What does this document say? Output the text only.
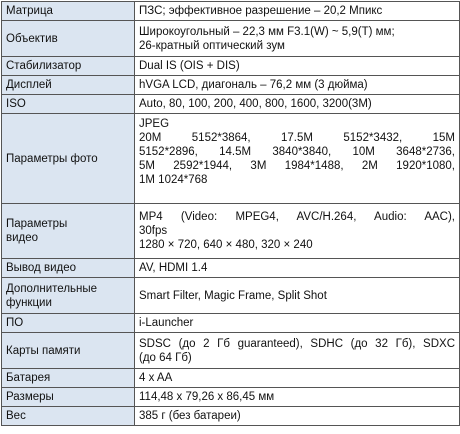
Матрица	ПЗС; эффективное разрешение – 20,2 Мпикс

Объектив	Широкоугольный – 22,3 мм F3.1(W) ~ 5,9(T) мм;
26-кратный оптический зум

Стабилизатор	Dual IS (OIS + DIS)

Дисплей	hVGA LCD, диагональ – 76,2 мм (3 дюйма)

ISO	Auto, 80, 100, 200, 400, 800, 1600, 3200(3M)

Параметры фото	JPEG
20M 5152*3864, 17.5M 5152*3432, 15M
5152*2896, 14.5M 3840*3840, 10M 3648*2736,
5M 2592*1944, 3M 1984*1488, 2M 1920*1080,
1M 1024*768

Параметры
видео	MP4 (Video: MPEG4, AVC/H.264, Audio: AAC),
30fps
1280 × 720, 640 × 480, 320 × 240

Вывод видео	AV, HDMI 1.4

Дополнительные
функции	Smart Filter, Magic Frame, Split Shot

ПО	i-Launcher

Карты памяти	SDSC (до 2 Гб guaranteed), SDHC (до 32 Гб), SDXC
(до 64 Гб)

Батарея	4 x AA

Размеры	114,48 x 79,26 x 86,45 мм

Вес	385 г (без батареи)
